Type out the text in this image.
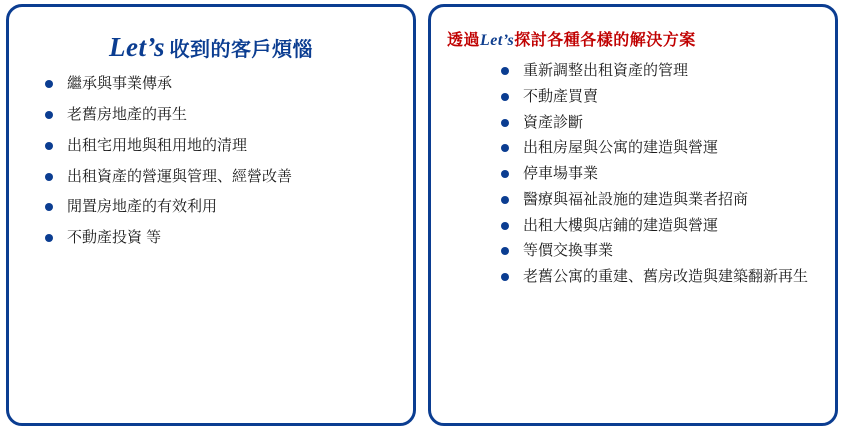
Let’s 收到的客戶煩惱
繼承與事業傳承
老舊房地產的再生
出租宅用地與租用地的清理
出租資產的營運與管理、經營改善
閒置房地產的有效利用
不動產投資 等
透過 Let’s 探討各種各樣的解決方案
重新調整出租資產的管理
不動產買賣
資產診斷
出租房屋與公寓的建造與營運
停車場事業
醫療與福祉設施的建造與業者招商
出租大樓與店鋪的建造與營運
等價交換事業
老舊公寓的重建、舊房改造與建築翻新再生
